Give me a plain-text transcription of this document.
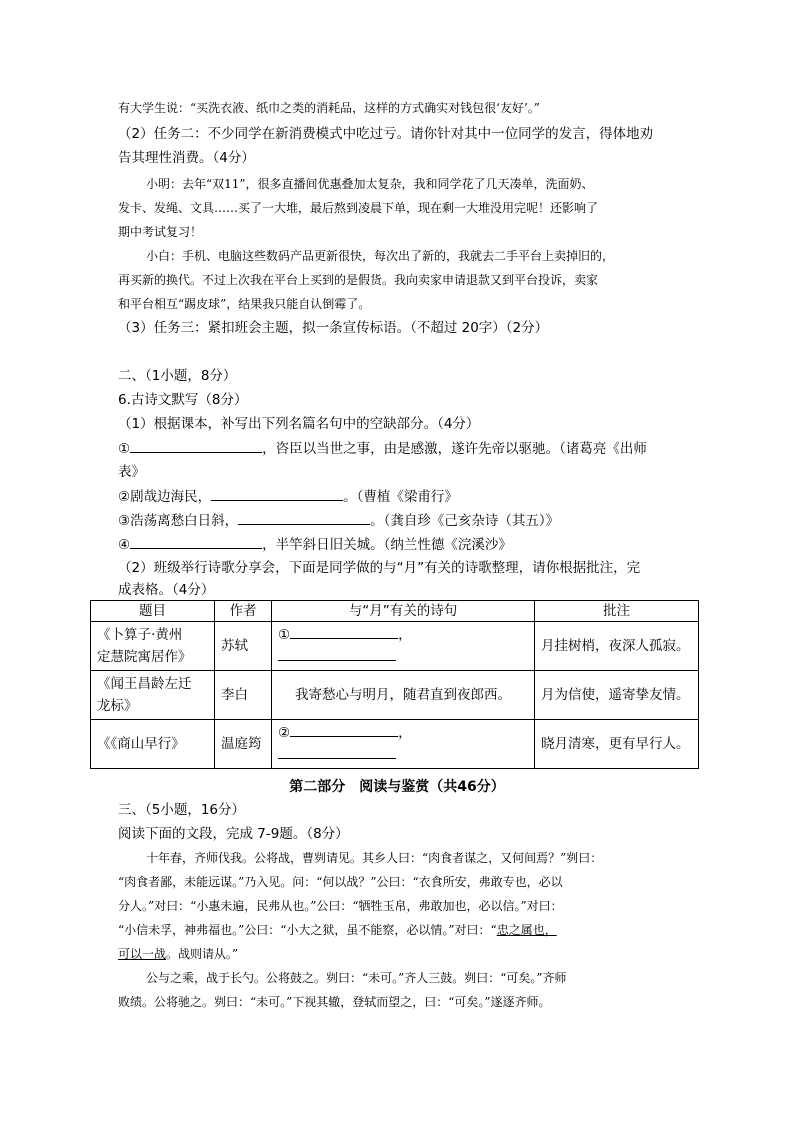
有大学生说：“买洗衣液、纸巾之类的消耗品，这样的方式确实对钱包很‘友好’。”
（2）任务二：不少同学在新消费模式中吃过亏。请你针对其中一位同学的发言，得体地劝
告其理性消费。（4分）
小明：去年“双11”，很多直播间优惠叠加太复杂，我和同学花了几天凑单，洗面奶、
发卡、发绳、文具……买了一大堆，最后熬到凌晨下单，现在剩一大堆没用完呢！还影响了
期中考试复习！
小白：手机、电脑这些数码产品更新很快，每次出了新的，我就去二手平台上卖掉旧的，
再买新的换代。不过上次我在平台上买到的是假货。我向卖家申请退款又到平台投诉，卖家
和平台相互“踢皮球”，结果我只能自认倒霉了。
（3）任务三：紧扣班会主题，拟一条宣传标语。（不超过 20字）（2分）
二、（1小题，8分）
6.古诗文默写（8分）
（1）根据课本，补写出下列名篇名句中的空缺部分。（4分）
①	，咨臣以当世之事，由是感激，遂许先帝以驱驰。（诸葛亮《出师
表》
②剧哉边海民，	。（曹植《梁甫行》
③浩荡离愁白日斜，	。（龚自珍《己亥杂诗（其五）》
④	，半竿斜日旧关城。（纳兰性德《浣溪沙》
（2）班级举行诗歌分享会，下面是同学做的与“月”有关的诗歌整理，请你根据批注，完
成表格。（4分）
题目	作者	与“月”有关的诗句	批注

《卜算子·黄州
定慧院寓居作》	苏轼	① ，	月挂树梢，夜深人孤寂。

《闻王昌龄左迁
龙标》	李白	我寄愁心与明月，随君直到夜郎西。	月为信使，遥寄挚友情。
《《商山早行》	温庭筠	② ，	晓月清寒，更有早行人。
第二部分　阅读与鉴赏（共46分）
三、（5小题，16分）
阅读下面的文段，完成 7-9题。（8分）
十年春，齐师伐我。公将战，曹刿请见。其乡人曰：“肉食者谋之，又何间焉？”刿曰：
“肉食者鄙，未能远谋。”乃入见。问：“何以战？”公曰：“衣食所安，弗敢专也，必以
分人。”对曰：“小惠未遍，民弗从也。”公曰：“牺牲玉帛，弗敢加也，必以信。”对曰：
“小信未孚，神弗福也。”公曰：“小大之狱，虽不能察，必以情。”对曰：“忠之属也，
可以一战。战则请从。”
公与之乘，战于长勺。公将鼓之。刿曰：“未可。”齐人三鼓。刿曰：“可矣。”齐师
败绩。公将驰之。刿曰：“未可。”下视其辙，登轼而望之，曰：“可矣。”遂逐齐师。
